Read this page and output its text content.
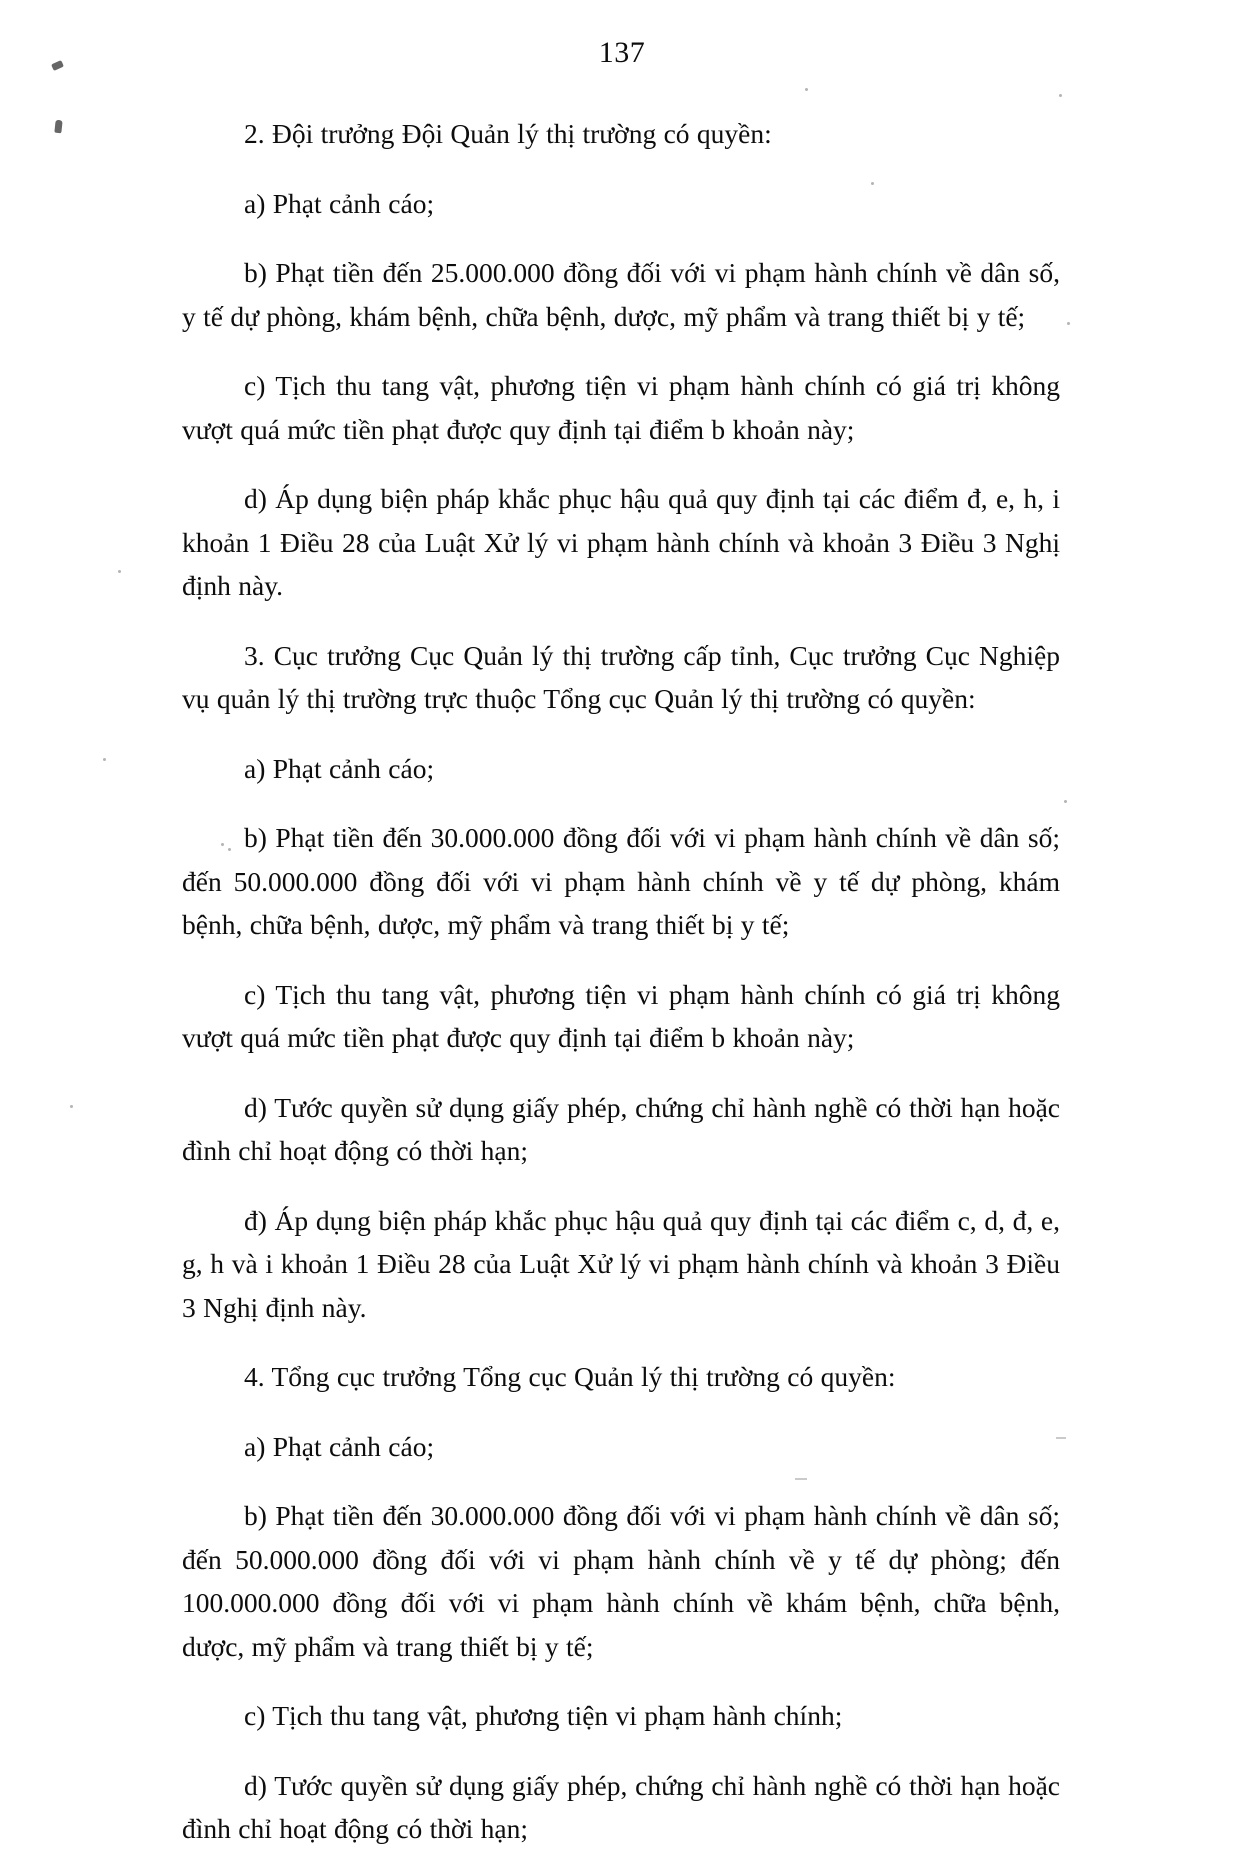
137

2. Đội trưởng Đội Quản lý thị trường có quyền:

a) Phạt cảnh cáo;

b) Phạt tiền đến 25.000.000 đồng đối với vi phạm hành chính về dân số, y tế dự phòng, khám bệnh, chữa bệnh, dược, mỹ phẩm và trang thiết bị y tế;

c) Tịch thu tang vật, phương tiện vi phạm hành chính có giá trị không vượt quá mức tiền phạt được quy định tại điểm b khoản này;

d) Áp dụng biện pháp khắc phục hậu quả quy định tại các điểm đ, e, h, i khoản 1 Điều 28 của Luật Xử lý vi phạm hành chính và khoản 3 Điều 3 Nghị định này.

3. Cục trưởng Cục Quản lý thị trường cấp tỉnh, Cục trưởng Cục Nghiệp vụ quản lý thị trường trực thuộc Tổng cục Quản lý thị trường có quyền:

a) Phạt cảnh cáo;

b) Phạt tiền đến 30.000.000 đồng đối với vi phạm hành chính về dân số; đến 50.000.000 đồng đối với vi phạm hành chính về y tế dự phòng, khám bệnh, chữa bệnh, dược, mỹ phẩm và trang thiết bị y tế;

c) Tịch thu tang vật, phương tiện vi phạm hành chính có giá trị không vượt quá mức tiền phạt được quy định tại điểm b khoản này;

d) Tước quyền sử dụng giấy phép, chứng chỉ hành nghề có thời hạn hoặc đình chỉ hoạt động có thời hạn;

đ) Áp dụng biện pháp khắc phục hậu quả quy định tại các điểm c, d, đ, e, g, h và i khoản 1 Điều 28 của Luật Xử lý vi phạm hành chính và khoản 3 Điều 3 Nghị định này.

4. Tổng cục trưởng Tổng cục Quản lý thị trường có quyền:

a) Phạt cảnh cáo;

b) Phạt tiền đến 30.000.000 đồng đối với vi phạm hành chính về dân số; đến 50.000.000 đồng đối với vi phạm hành chính về y tế dự phòng; đến 100.000.000 đồng đối với vi phạm hành chính về khám bệnh, chữa bệnh, dược, mỹ phẩm và trang thiết bị y tế;

c) Tịch thu tang vật, phương tiện vi phạm hành chính;

d) Tước quyền sử dụng giấy phép, chứng chỉ hành nghề có thời hạn hoặc đình chỉ hoạt động có thời hạn;
